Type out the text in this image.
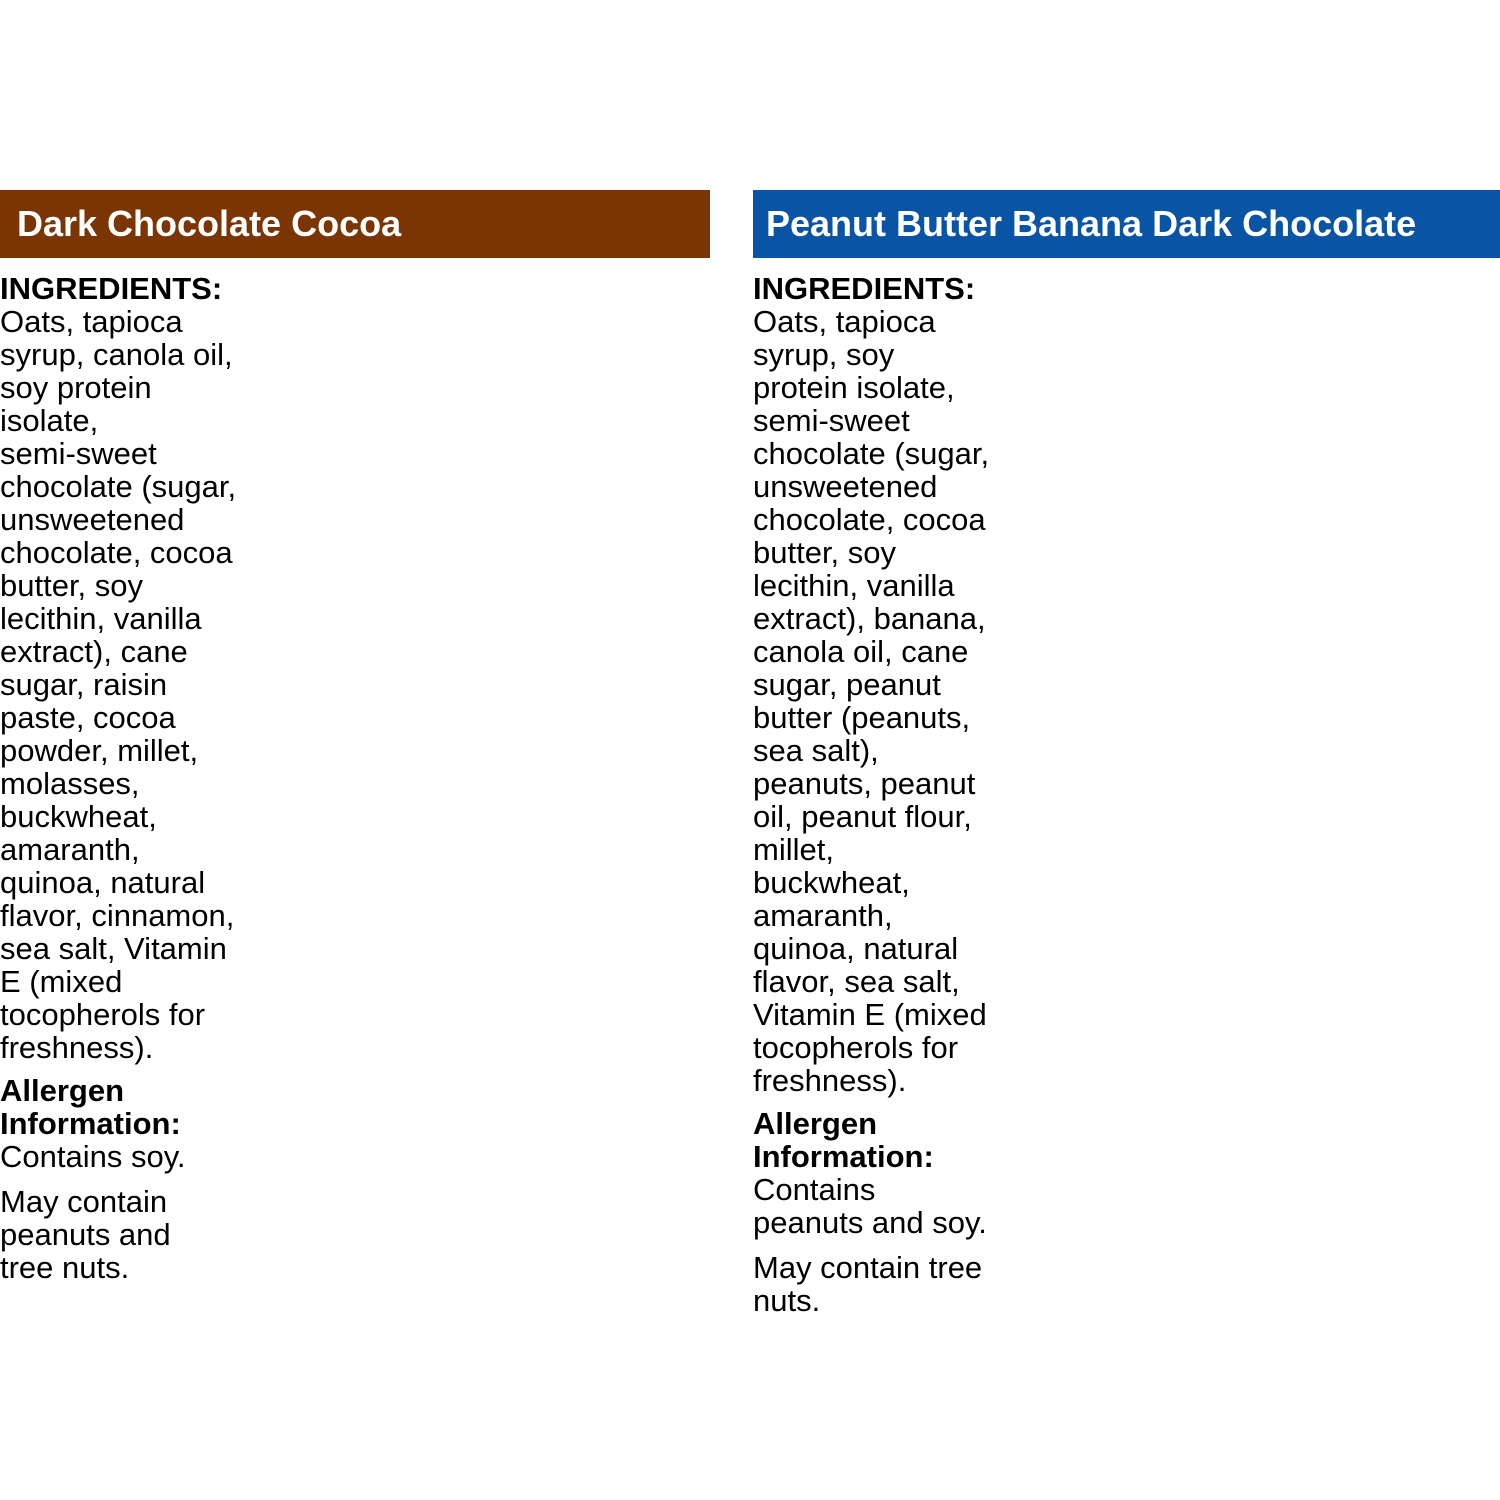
Dark Chocolate Cocoa
INGREDIENTS:
Oats, tapioca
syrup, canola oil,
soy protein
isolate,
semi-sweet
chocolate (sugar,
unsweetened
chocolate, cocoa
butter, soy
lecithin, vanilla
extract), cane
sugar, raisin
paste, cocoa
powder, millet,
molasses,
buckwheat,
amaranth,
quinoa, natural
flavor, cinnamon,
sea salt, Vitamin
E (mixed
tocopherols for
freshness).
Allergen
Information:
Contains soy.
May contain
peanuts and
tree nuts.
Peanut Butter Banana Dark Chocolate
INGREDIENTS:
Oats, tapioca
syrup, soy
protein isolate,
semi-sweet
chocolate (sugar,
unsweetened
chocolate, cocoa
butter, soy
lecithin, vanilla
extract), banana,
canola oil, cane
sugar, peanut
butter (peanuts,
sea salt),
peanuts, peanut
oil, peanut flour,
millet,
buckwheat,
amaranth,
quinoa, natural
flavor, sea salt,
Vitamin E (mixed
tocopherols for
freshness).
Allergen
Information:
Contains
peanuts and soy.
May contain tree
nuts.
